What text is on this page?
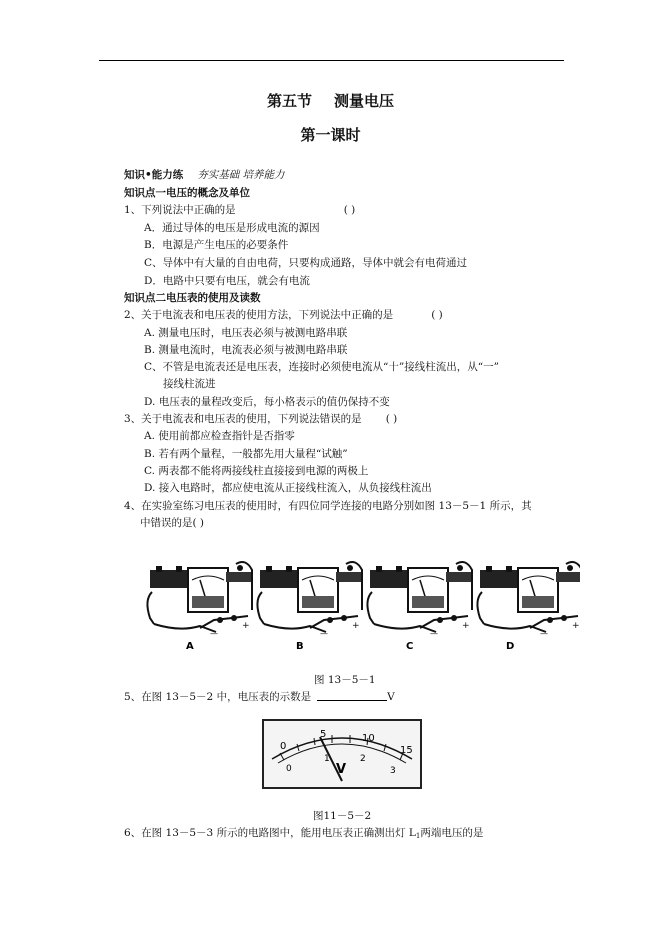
第五节 测量电压
第一课时
知识•能力练 夯实基础 培养能力
知识点一电压的概念及单位
1、下列说法中正确的是	( )
A．通过导体的电压是形成电流的源因
B．电源是产生电压的必要条件
C、导体中有大量的自由电荷，只要构成通路，导体中就会有电荷通过
D．电路中只要有电压，就会有电流
知识点二电压表的使用及读数
2、关于电流表和电压表的使用方法，下列说法中正确的是	( )
A. 测量电压时，电压表必须与被测电路串联
B. 测量电流时，电流表必须与被测电路串联
C、不管是电流表还是电压表，连接时必须使电流从“十”接线柱流出，从“一”
接线柱流进
D. 电压表的量程改变后，每小格表示的值仍保持不变
3、关于电流表和电压表的使用，下列说法错误的是 ( )
A. 使用前都应检查指针是否指零
B. 若有两个量程，一般都先用大量程“试触”
C. 两表都不能将两接线柱直接接到电源的两极上
D. 接入电路时，都应使电流从正接线柱流入，从负接线柱流出
4、在实验室练习电压表的使用时，有四位同学连接的电路分别如图 13－5－1 所示，其
中错误的是( )
—
+
A	B	C	D
图 13－5－1
5、在图 13－5－2 中，电压表的示数是	V
0
5	10
15
0
1	2
3
V
图11－5－2
6、在图 13－5－3 所示的电路图中，能用电压表正确测出灯 $L_1$两端电压的是
